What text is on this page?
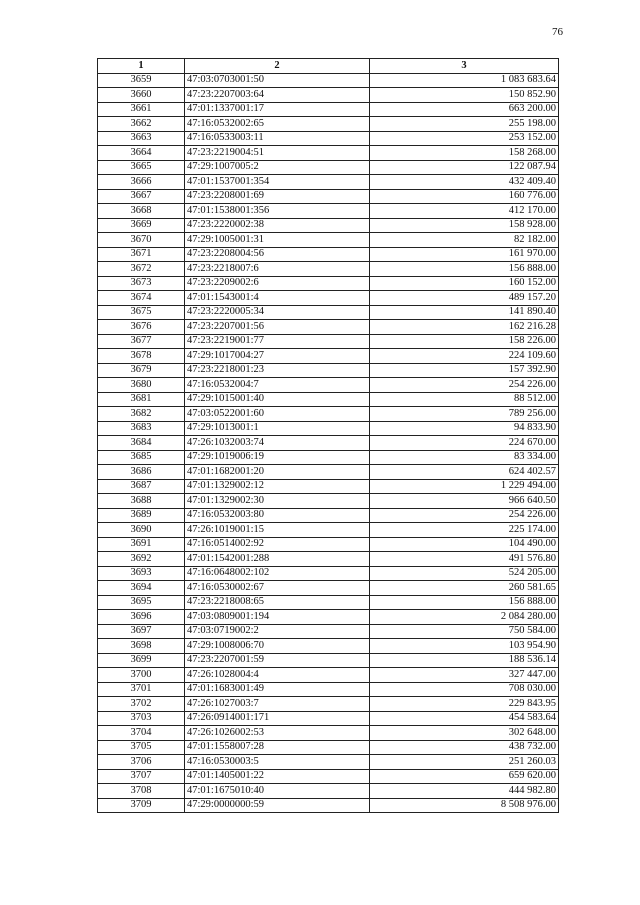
76
1	2	3
3659	47:03:0703001:50	1 083 683.64
3660	47:23:2207003:64	150 852.90
3661	47:01:1337001:17	663 200.00
3662	47:16:0532002:65	255 198.00
3663	47:16:0533003:11	253 152.00
3664	47:23:2219004:51	158 268.00
3665	47:29:1007005:2	122 087.94
3666	47:01:1537001:354	432 409.40
3667	47:23:2208001:69	160 776.00
3668	47:01:1538001:356	412 170.00
3669	47:23:2220002:38	158 928.00
3670	47:29:1005001:31	82 182.00
3671	47:23:2208004:56	161 970.00
3672	47:23:2218007:6	156 888.00
3673	47:23:2209002:6	160 152.00
3674	47:01:1543001:4	489 157.20
3675	47:23:2220005:34	141 890.40
3676	47:23:2207001:56	162 216.28
3677	47:23:2219001:77	158 226.00
3678	47:29:1017004:27	224 109.60
3679	47:23:2218001:23	157 392.90
3680	47:16:0532004:7	254 226.00
3681	47:29:1015001:40	88 512.00
3682	47:03:0522001:60	789 256.00
3683	47:29:1013001:1	94 833.90
3684	47:26:1032003:74	224 670.00
3685	47:29:1019006:19	83 334.00
3686	47:01:1682001:20	624 402.57
3687	47:01:1329002:12	1 229 494.00
3688	47:01:1329002:30	966 640.50
3689	47:16:0532003:80	254 226.00
3690	47:26:1019001:15	225 174.00
3691	47:16:0514002:92	104 490.00
3692	47:01:1542001:288	491 576.80
3693	47:16:0648002:102	524 205.00
3694	47:16:0530002:67	260 581.65
3695	47:23:2218008:65	156 888.00
3696	47:03:0809001:194	2 084 280.00
3697	47:03:0719002:2	750 584.00
3698	47:29:1008006:70	103 954.90
3699	47:23:2207001:59	188 536.14
3700	47:26:1028004:4	327 447.00
3701	47:01:1683001:49	708 030.00
3702	47:26:1027003:7	229 843.95
3703	47:26:0914001:171	454 583.64
3704	47:26:1026002:53	302 648.00
3705	47:01:1558007:28	438 732.00
3706	47:16:0530003:5	251 260.03
3707	47:01:1405001:22	659 620.00
3708	47:01:1675010:40	444 982.80
3709	47:29:0000000:59	8 508 976.00
